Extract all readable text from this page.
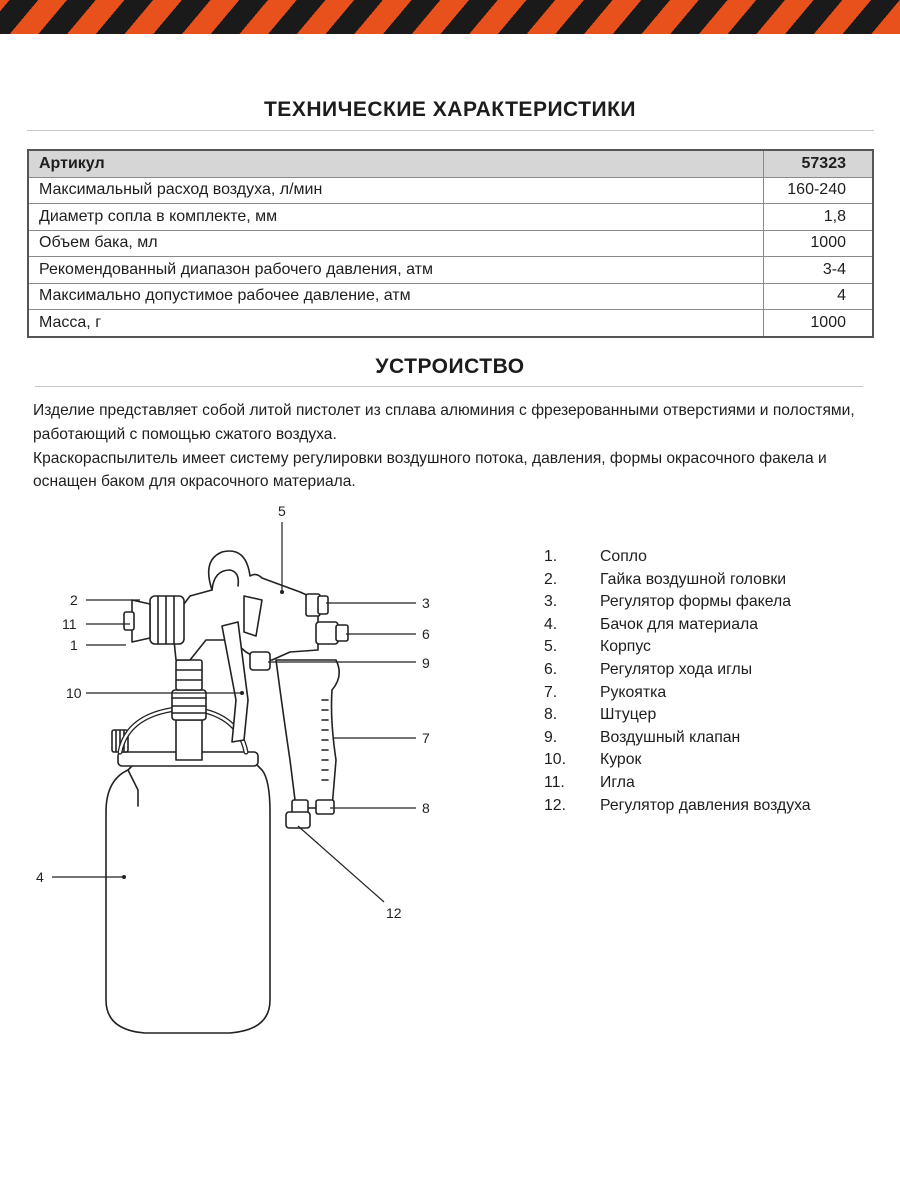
ТЕХНИЧЕСКИЕ ХАРАКТЕРИСТИКИ
Артикул	57323
Максимальный расход воздуха, л/мин	160-240
Диаметр сопла в комплекте, мм	1,8
Объем бака, мл	1000
Рекомендованный диапазон рабочего давления, атм	3-4
Максимально допустимое рабочее давление, атм	4
Масса, г	1000
УСТРОИСТВО

Изделие представляет собой литой пистолет из сплава алюминия с фрезерованными отверстиями и полостями, работающий с помощью сжатого воздуха.

Краскораспылитель имеет систему регулировки воздушного потока, давления, формы окрасочного факела и оснащен баком для окрасочного материала.

5
2
11
1
10
3
6
9
7
8
4
12
1.	Сопло
2.	Гайка воздушной головки
3.	Регулятор формы факела
4.	Бачок для материала
5.	Корпус
6.	Регулятор хода иглы
7.	Рукоятка
8.	Штуцер
9.	Воздушный клапан
10. Курок
11. Игла
12. Регулятор давления воздуха
